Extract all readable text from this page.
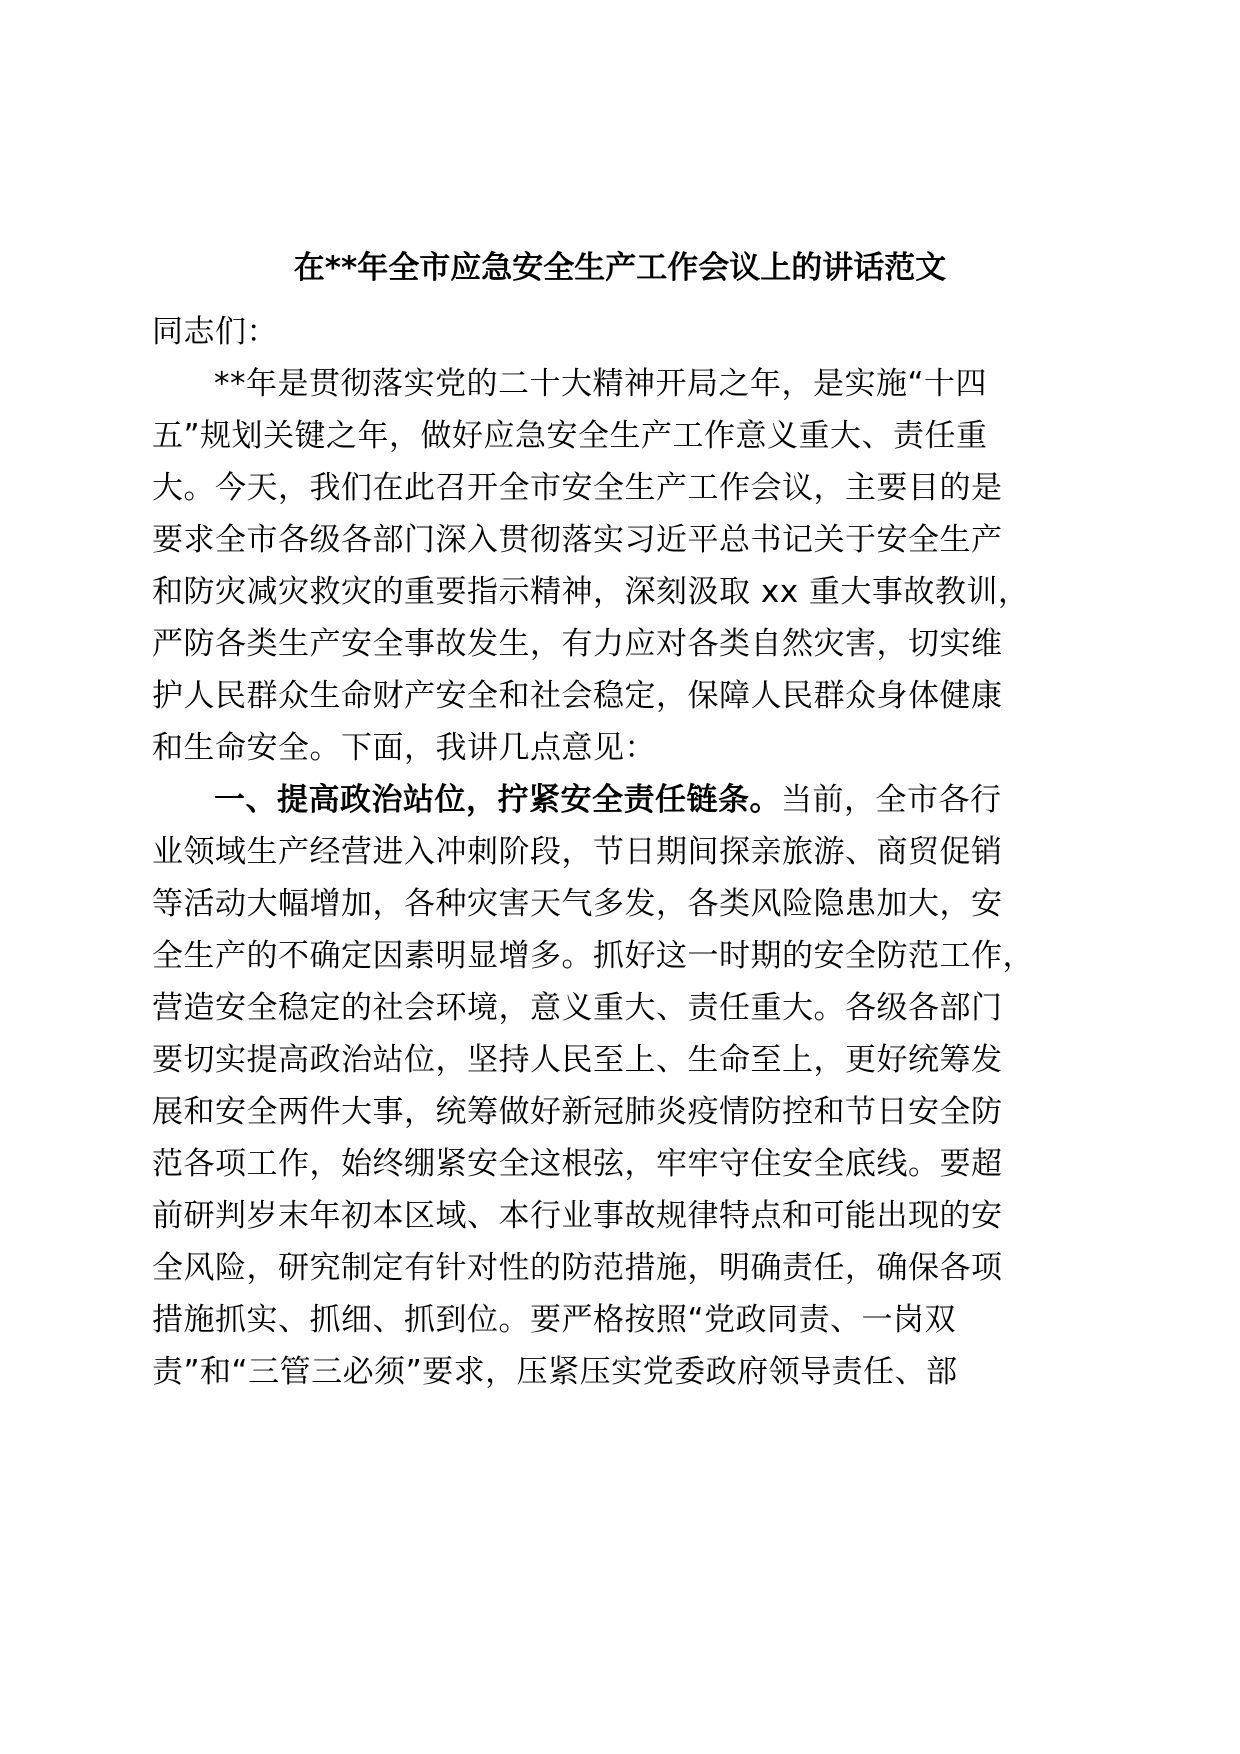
在**年全市应急安全生产工作会议上的讲话范文
同志们：
**年是贯彻落实党的二十大精神开局之年，是实施“十四
五”规划关键之年，做好应急安全生产工作意义重大、责任重
大。今天，我们在此召开全市安全生产工作会议，主要目的是
要求全市各级各部门深入贯彻落实习近平总书记关于安全生产
和防灾减灾救灾的重要指示精神，深刻汲取 xx 重大事故教训，
严防各类生产安全事故发生，有力应对各类自然灾害，切实维
护人民群众生命财产安全和社会稳定，保障人民群众身体健康
和生命安全。下面，我讲几点意见：
一、提高政治站位，拧紧安全责任链条。当前，全市各行
业领域生产经营进入冲刺阶段，节日期间探亲旅游、商贸促销
等活动大幅增加，各种灾害天气多发，各类风险隐患加大，安
全生产的不确定因素明显增多。抓好这一时期的安全防范工作，
营造安全稳定的社会环境，意义重大、责任重大。各级各部门
要切实提高政治站位，坚持人民至上、生命至上，更好统筹发
展和安全两件大事，统筹做好新冠肺炎疫情防控和节日安全防
范各项工作，始终绷紧安全这根弦，牢牢守住安全底线。要超
前研判岁末年初本区域、本行业事故规律特点和可能出现的安
全风险，研究制定有针对性的防范措施，明确责任，确保各项
措施抓实、抓细、抓到位。要严格按照“党政同责、一岗双
责”和“三管三必须”要求，压紧压实党委政府领导责任、部
